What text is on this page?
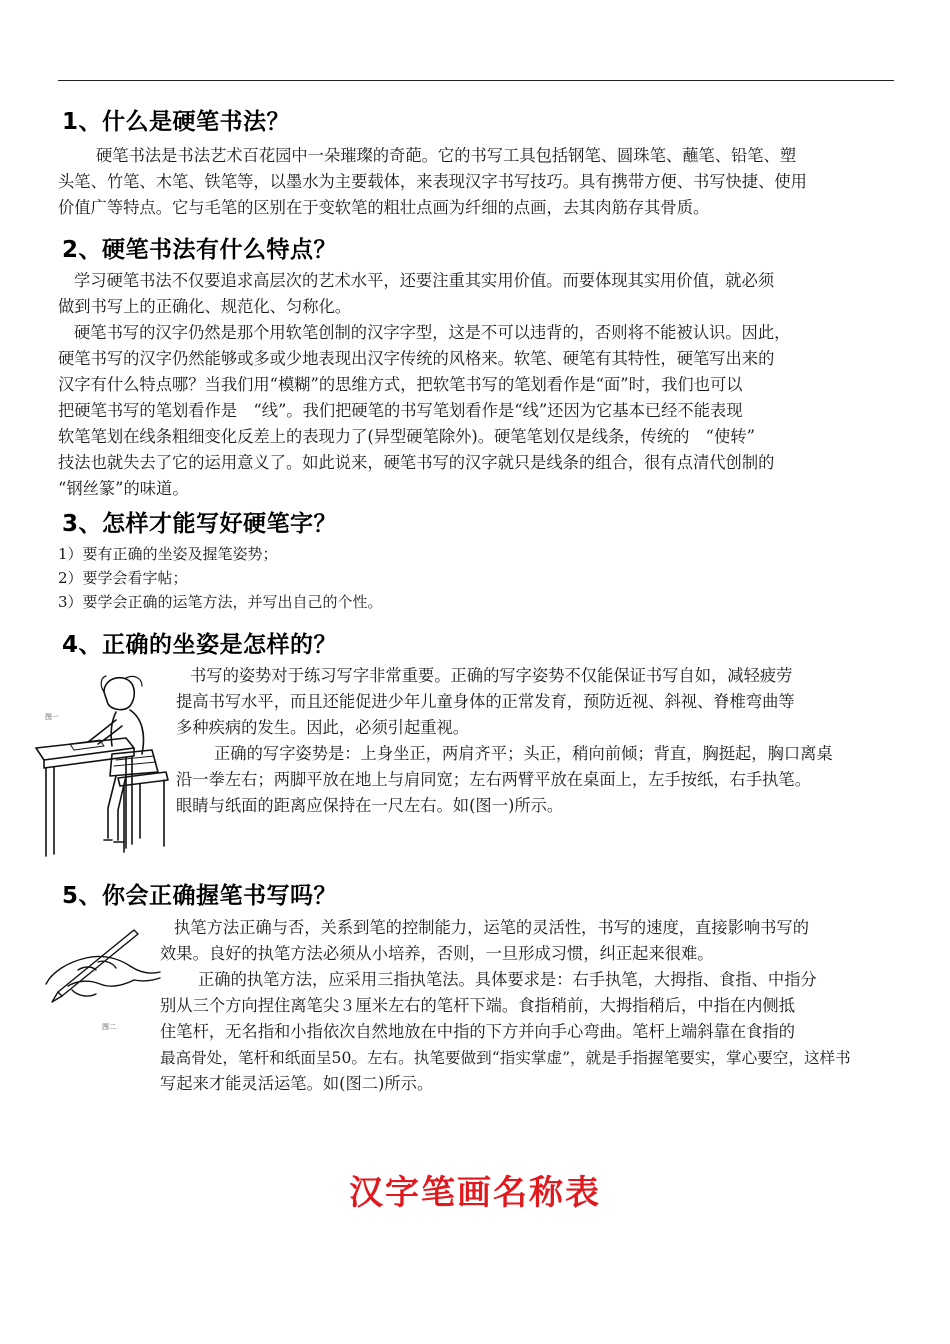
1、什么是硬笔书法？
硬笔书法是书法艺术百花园中一朵璀璨的奇葩。它的书写工具包括钢笔、圆珠笔、蘸笔、铅笔、塑
头笔、竹笔、木笔、铁笔等，以墨水为主要载体，来表现汉字书写技巧。具有携带方便、书写快捷、使用
价值广等特点。它与毛笔的区别在于变软笔的粗壮点画为纤细的点画，去其肉筋存其骨质。
2、硬笔书法有什么特点？
学习硬笔书法不仅要追求高层次的艺术水平，还要注重其实用价值。而要体现其实用价值，就必须
做到书写上的正确化、规范化、匀称化。
硬笔书写的汉字仍然是那个用软笔创制的汉字字型，这是不可以违背的，否则将不能被认识。因此，
硬笔书写的汉字仍然能够或多或少地表现出汉字传统的风格来。软笔、硬笔有其特性，硬笔写出来的
汉字有什么特点哪？当我们用“模糊”的思维方式，把软笔书写的笔划看作是“面”时，我们也可以
把硬笔书写的笔划看作是　“线”。我们把硬笔的书写笔划看作是“线”还因为它基本已经不能表现
软笔笔划在线条粗细变化反差上的表现力了(异型硬笔除外)。硬笔笔划仅是线条，传统的　“使转”
技法也就失去了它的运用意义了。如此说来，硬笔书写的汉字就只是线条的组合，很有点清代创制的
“钢丝篆”的味道。
3、怎样才能写好硬笔字？
1）要有正确的坐姿及握笔姿势；
2）要学会看字帖；
3）要学会正确的运笔方法，并写出自己的个性。
4、正确的坐姿是怎样的？
图一
书写的姿势对于练习写字非常重要。正确的写字姿势不仅能保证书写自如，减轻疲劳
提高书写水平，而且还能促进少年儿童身体的正常发育，预防近视、斜视、脊椎弯曲等
多种疾病的发生。因此，必须引起重视。
正确的写字姿势是：上身坐正，两肩齐平；头正，稍向前倾；背直，胸挺起，胸口离桌
沿一拳左右；两脚平放在地上与肩同宽；左右两臂平放在桌面上，左手按纸，右手执笔。
眼睛与纸面的距离应保持在一尺左右。如(图一)所示。
5、你会正确握笔书写吗？
图二
执笔方法正确与否，关系到笔的控制能力，运笔的灵活性，书写的速度，直接影响书写的
效果。良好的执笔方法必须从小培养，否则，一旦形成习惯，纠正起来很难。
正确的执笔方法，应采用三指执笔法。具体要求是：右手执笔，大拇指、食指、中指分
别从三个方向捏住离笔尖３厘米左右的笔杆下端。食指稍前，大拇指稍后，中指在内侧抵
住笔杆，无名指和小指依次自然地放在中指的下方并向手心弯曲。笔杆上端斜靠在食指的
最高骨处，笔杆和纸面呈50。左右。执笔要做到“指实掌虚”，就是手指握笔要实，掌心要空，这样书
写起来才能灵活运笔。如(图二)所示。
汉字笔画名称表
